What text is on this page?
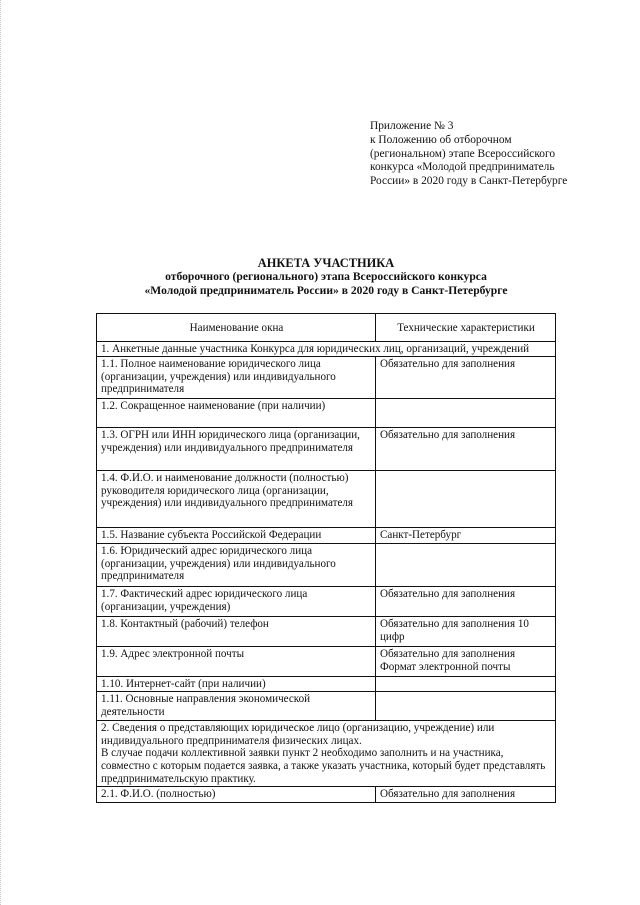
Приложение № 3
к Положению об отборочном
(региональном) этапе Всероссийского
конкурса «Молодой предприниматель
России» в 2020 году в Санкт-Петербурге
АНКЕТА УЧАСТНИКА
отборочного (регионального) этапа Всероссийского конкурса
«Молодой предприниматель России» в 2020 году в Санкт-Петербурге
Наименование окна	Технические характеристики
1. Анкетные данные участника Конкурса для юридических лиц, организаций, учреждений	
1.1. Полное наименование юридического лица (организации, учреждения) или индивидуального предпринимателя	Обязательно для заполнения
1.2. Сокращенное наименование (при наличии)	
1.3. ОГРН или ИНН юридического лица (организации, учреждения) или индивидуального предпринимателя	Обязательно для заполнения
1.4. Ф.И.О. и наименование должности (полностью) руководителя юридического лица (организации, учреждения) или индивидуального предпринимателя	
1.5. Название субъекта Российской Федерации	Санкт-Петербург
1.6. Юридический адрес юридического лица (организации, учреждения) или индивидуального предпринимателя	
1.7. Фактический адрес юридического лица (организации, учреждения)	Обязательно для заполнения
1.8. Контактный (рабочий) телефон	Обязательно для заполнения 10 цифр
1.9. Адрес электронной почты	Обязательно для заполнения Формат электронной почты
1.10. Интернет-сайт (при наличии)	
1.11. Основные направления экономической деятельности	

2. Сведения о представляющих юридическое лицо (организацию, учреждение) или индивидуального предпринимателя физических лицах.
В случае подачи коллективной заявки пункт 2 необходимо заполнить и на участника, совместно с которым подается заявка, а также указать участника, который будет представлять предпринимательскую практику.	

2.1. Ф.И.О. (полностью)	Обязательно для заполнения
